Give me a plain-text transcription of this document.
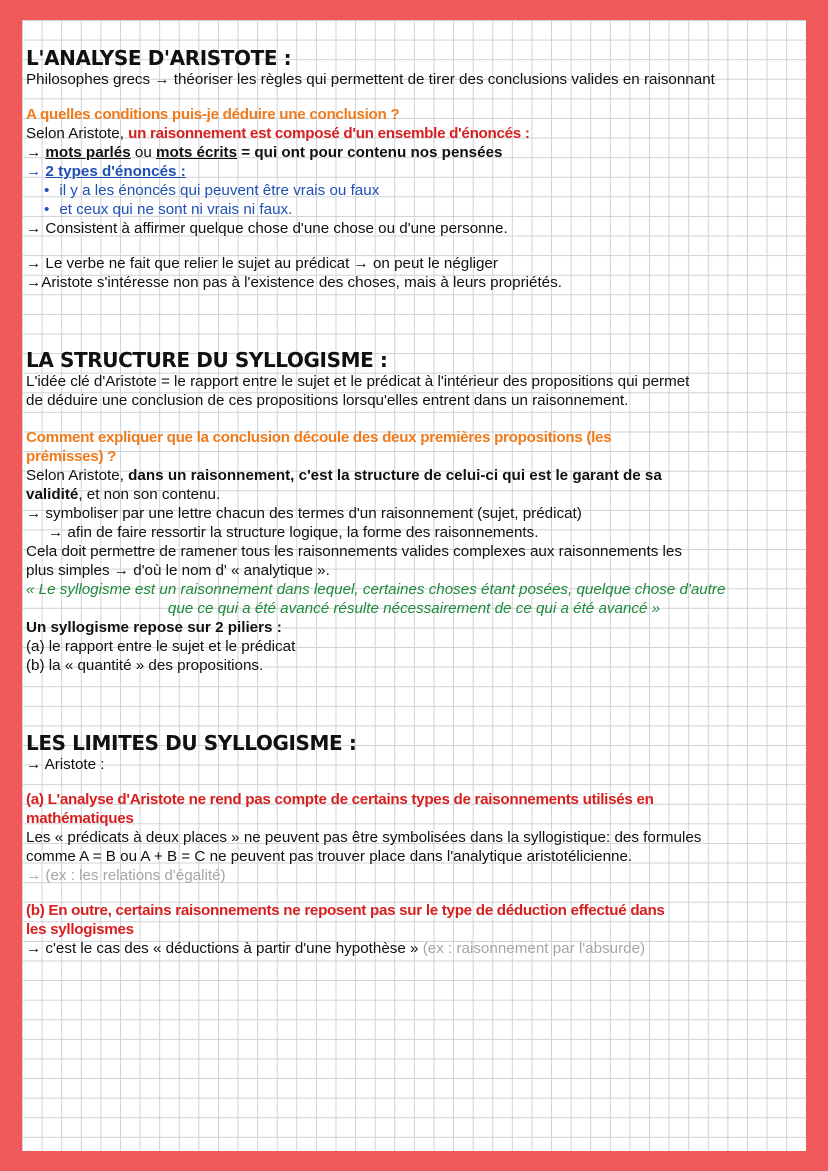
L'ANALYSE D'ARISTOTE :
Philosophes grecs → théoriser les règles qui permettent de tirer des conclusions valides en raisonnant
A quelles conditions puis-je déduire une conclusion ?
Selon Aristote, un raisonnement est composé d'un ensemble d'énoncés :
→ mots parlés ou mots écrits = qui ont pour contenu nos pensées
→ 2 types d'énoncés :
• il y a les énoncés qui peuvent être vrais ou faux
• et ceux qui ne sont ni vrais ni faux.
→ Consistent à affirmer quelque chose d'une chose ou d'une personne.
→ Le verbe ne fait que relier le sujet au prédicat → on peut le négliger
→Aristote s'intéresse non pas à l'existence des choses, mais à leurs propriétés.
LA STRUCTURE DU SYLLOGISME :
L'idée clé d'Aristote = le rapport entre le sujet et le prédicat à l'intérieur des propositions qui permet
de déduire une conclusion de ces propositions lorsqu'elles entrent dans un raisonnement.
Comment expliquer que la conclusion découle des deux premières propositions (les
prémisses) ?
Selon Aristote, dans un raisonnement, c'est la structure de celui-ci qui est le garant de sa
validité, et non son contenu.
→ symboliser par une lettre chacun des termes d'un raisonnement (sujet, prédicat)
→ afin de faire ressortir la structure logique, la forme des raisonnements.
Cela doit permettre de ramener tous les raisonnements valides complexes aux raisonnements les
plus simples → d'où le nom d' « analytique ».
« Le syllogisme est un raisonnement dans lequel, certaines choses étant posées, quelque chose d'autre
que ce qui a été avancé résulte nécessairement de ce qui a été avancé »
Un syllogisme repose sur 2 piliers :
(a) le rapport entre le sujet et le prédicat
(b) la « quantité » des propositions.
LES LIMITES DU SYLLOGISME :
→ Aristote :
(a) L'analyse d'Aristote ne rend pas compte de certains types de raisonnements utilisés en
mathématiques
Les « prédicats à deux places » ne peuvent pas être symbolisées dans la syllogistique: des formules
comme A = B ou A + B = C ne peuvent pas trouver place dans l'analytique aristotélicienne.
→ (ex : les relations d'égalité)
(b) En outre, certains raisonnements ne reposent pas sur le type de déduction effectué dans
les syllogismes
→ c'est le cas des « déductions à partir d'une hypothèse » (ex : raisonnement par l'absurde)
